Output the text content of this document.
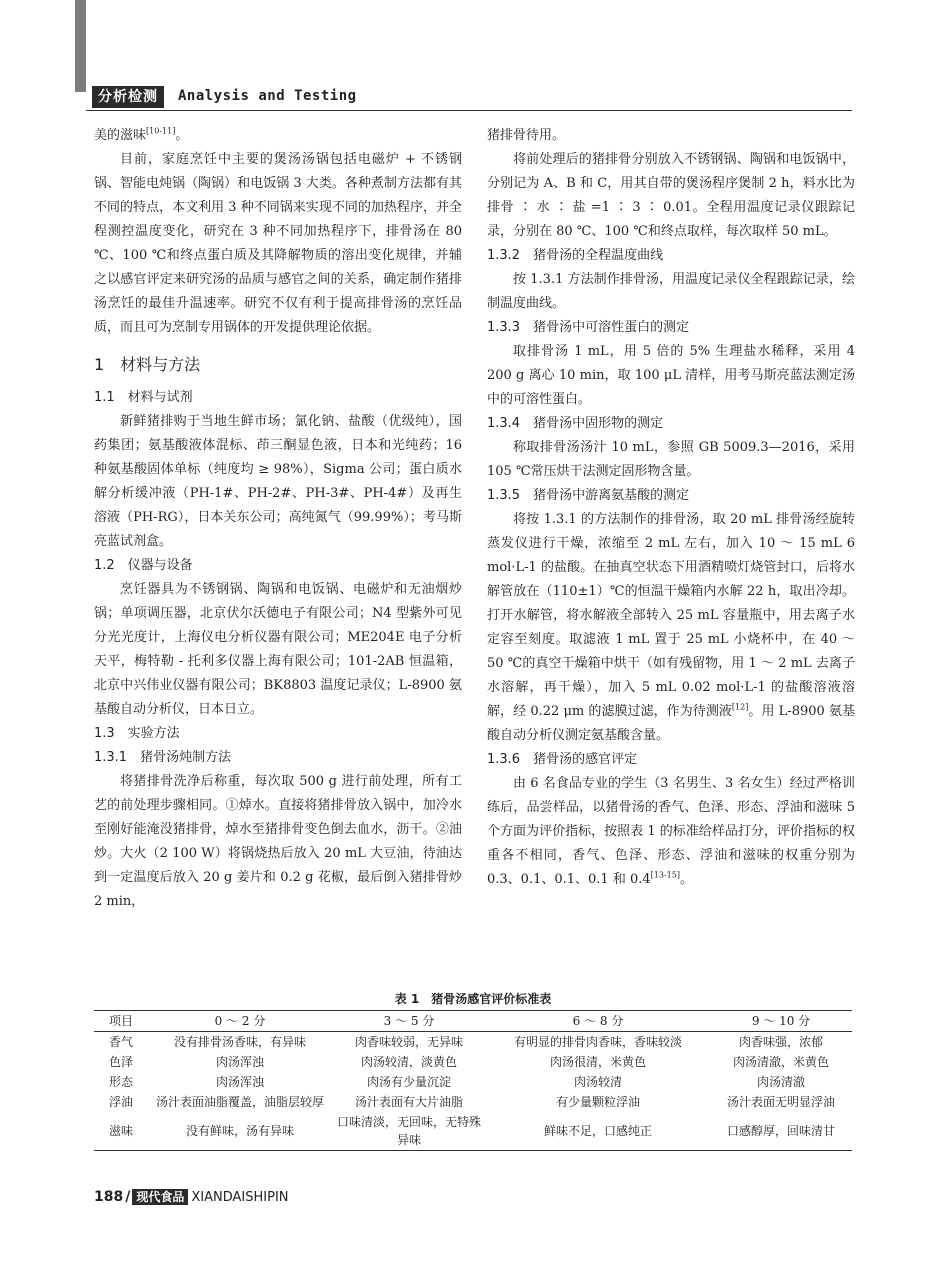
分析检测	Analysis and Testing

美的滋味[10-11]。

目前，家庭烹饪中主要的煲汤汤锅包括电磁炉 + 不锈钢锅、智能电炖锅（陶锅）和电饭锅 3 大类。各种煮制方法都有其不同的特点，本文利用 3 种不同锅来实现不同的加热程序，并全程测控温度变化，研究在 3 种不同加热程序下，排骨汤在 80 ℃、100 ℃和终点蛋白质及其降解物质的溶出变化规律，并辅之以感官评定来研究汤的品质与感官之间的关系，确定制作猪排汤烹饪的最佳升温速率。研究不仅有利于提高排骨汤的烹饪品质，而且可为烹制专用锅体的开发提供理论依据。

1　材料与方法
1.1　材料与试剂

新鲜猪排购于当地生鲜市场；氯化钠、盐酸（优级纯），国药集团；氨基酸液体混标、茚三酮显色液，日本和光纯药；16 种氨基酸固体单标（纯度均 ≥ 98%），Sigma 公司；蛋白质水解分析缓冲液（PH-1#、PH-2#、PH-3#、PH-4#）及再生溶液（PH-RG），日本关东公司；高纯氮气（99.99%）；考马斯亮蓝试剂盒。

1.2　仪器与设备

烹饪器具为不锈钢锅、陶锅和电饭锅、电磁炉和无油烟炒锅；单项调压器，北京伏尔沃德电子有限公司；N4 型紫外可见分光光度计，上海仪电分析仪器有限公司；ME204E 电子分析天平，梅特勒 - 托利多仪器上海有限公司；101-2AB 恒温箱，北京中兴伟业仪器有限公司；BK8803 温度记录仪；L-8900 氨基酸自动分析仪，日本日立。

1.3　实验方法
1.3.1　猪骨汤炖制方法

将猪排骨洗净后称重，每次取 500 g 进行前处理，所有工艺的前处理步骤相同。①焯水。直接将猪排骨放入锅中，加冷水至刚好能淹没猪排骨，焯水至猪排骨变色倒去血水，沥干。②油炒。大火（2 100 W）将锅烧热后放入 20 mL 大豆油，待油达到一定温度后放入 20 g 姜片和 0.2 g 花椒，最后倒入猪排骨炒 2 min，

猪排骨待用。

将前处理后的猪排骨分别放入不锈钢锅、陶锅和电饭锅中，分别记为 A、B 和 C，用其自带的煲汤程序煲制 2 h，料水比为排骨 ∶ 水 ∶ 盐 =1 ∶ 3 ∶ 0.01。全程用温度记录仪跟踪记录，分别在 80 ℃、100 ℃和终点取样，每次取样 50 mL。

1.3.2　猪骨汤的全程温度曲线

按 1.3.1 方法制作排骨汤，用温度记录仪全程跟踪记录，绘制温度曲线。

1.3.3　猪骨汤中可溶性蛋白的测定

取排骨汤 1 mL，用 5 倍的 5% 生理盐水稀释，采用 4 200 g 离心 10 min，取 100 μL 清样，用考马斯亮蓝法测定汤中的可溶性蛋白。

1.3.4　猪骨汤中固形物的测定

称取排骨汤汤汁 10 mL，参照 GB 5009.3—2016，采用 105 ℃常压烘干法测定固形物含量。

1.3.5　猪骨汤中游离氨基酸的测定

将按 1.3.1 的方法制作的排骨汤，取 20 mL 排骨汤经旋转蒸发仪进行干燥，浓缩至 2 mL 左右，加入 10 ～ 15 mL 6 mol·L-1 的盐酸。在抽真空状态下用酒精喷灯烧管封口，后将水解管放在（110±1）℃的恒温干燥箱内水解 22 h，取出冷却。打开水解管，将水解液全部转入 25 mL 容量瓶中，用去离子水定容至刻度。取滤液 1 mL 置于 25 mL 小烧杯中，在 40 ～ 50 ℃的真空干燥箱中烘干（如有残留物，用 1 ～ 2 mL 去离子水溶解，再干燥），加入 5 mL 0.02 mol·L-1 的盐酸溶液溶解，经 0.22 μm 的滤膜过滤，作为待测液[12]。用 L-8900 氨基酸自动分析仪测定氨基酸含量。

1.3.6　猪骨汤的感官评定

由 6 名食品专业的学生（3 名男生、3 名女生）经过严格训练后，品尝样品，以猪骨汤的香气、色泽、形态、浮油和滋味 5 个方面为评价指标，按照表 1 的标准给样品打分，评价指标的权重各不相同，香气、色泽、形态、浮油和滋味的权重分别为 0.3、0.1、0.1、0.1 和 0.4[13-15]。

表 1　猪骨汤感官评价标准表
项目	0 ～ 2 分	3 ～ 5 分	6 ～ 8 分	9 ～ 10 分
香气	没有排骨汤香味，有异味	肉香味较弱，无异味	有明显的排骨肉香味，香味较淡	肉香味强，浓郁
色泽	肉汤浑浊	肉汤较清，淡黄色	肉汤很清，米黄色	肉汤清澈，米黄色
形态	肉汤浑浊	肉汤有少量沉淀	肉汤较清	肉汤清澈
浮油	汤汁表面油脂覆盖，油脂层较厚	汤汁表面有大片油脂	有少量颗粒浮油	汤汁表面无明显浮油
滋味	没有鲜味，汤有异味	口味清淡，无回味，无特殊异味	鲜味不足，口感纯正	口感醇厚，回味清甘
188 / 现代食品 XIANDAISHIPIN
